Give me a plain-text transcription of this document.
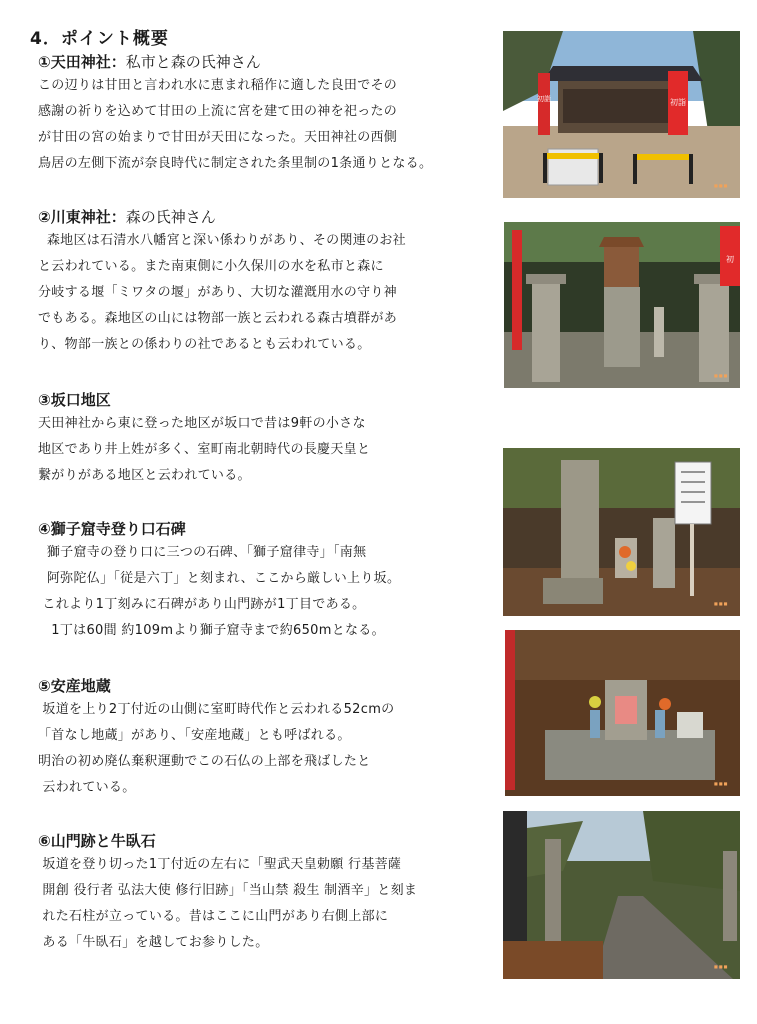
4．ポイント概要
①天田神社：私市と森の氏神さん
この辺りは甘田と言われ水に恵まれ稲作に適した良田でその
感謝の祈りを込めて甘田の上流に宮を建て田の神を祀ったの
が甘田の宮の始まりで甘田が天田になった。天田神社の西側
鳥居の左側下流が奈良時代に制定された条里制の1条通りとなる。
②川東神社：森の氏神さん
森地区は石清水八幡宮と深い係わりがあり、その関連のお社
と云われている。また南東側に小久保川の水を私市と森に
分岐する堰「ミワタの堰」があり、大切な灌漑用水の守り神
でもある。森地区の山には物部一族と云われる森古墳群があ
り、物部一族との係わりの社であるとも云われている。
③坂口地区
天田神社から東に登った地区が坂口で昔は9軒の小さな
地区であり井上姓が多く、室町南北朝時代の長慶天皇と
繋がりがある地区と云われている。
④獅子窟寺登り口石碑
獅子窟寺の登り口に三つの石碑、「獅子窟律寺」「南無
阿弥陀仏」「従是六丁」と刻まれ、ここから厳しい上り坂。
これより1丁刻みに石碑があり山門跡が1丁目である。
1丁は60間 約109mより獅子窟寺まで約650mとなる。
⑤安産地蔵
坂道を上り2丁付近の山側に室町時代作と云われる52cmの
「首なし地蔵」があり、「安産地蔵」とも呼ばれる。
明治の初め廃仏棄釈運動でこの石仏の上部を飛ばしたと
云われている。
⑥山門跡と牛臥石
坂道を登り切った1丁付近の左右に「聖武天皇勅願 行基菩薩
開創 役行者 弘法大使 修行旧跡」「当山禁 殺生 制酒辛」と刻ま
れた石柱が立っている。昔はここに山門があり右側上部に
ある「牛臥石」を越してお参りした。
初詣	初詣
▪▪▪
初
▪▪▪
▪▪▪
▪▪▪
▪▪▪
